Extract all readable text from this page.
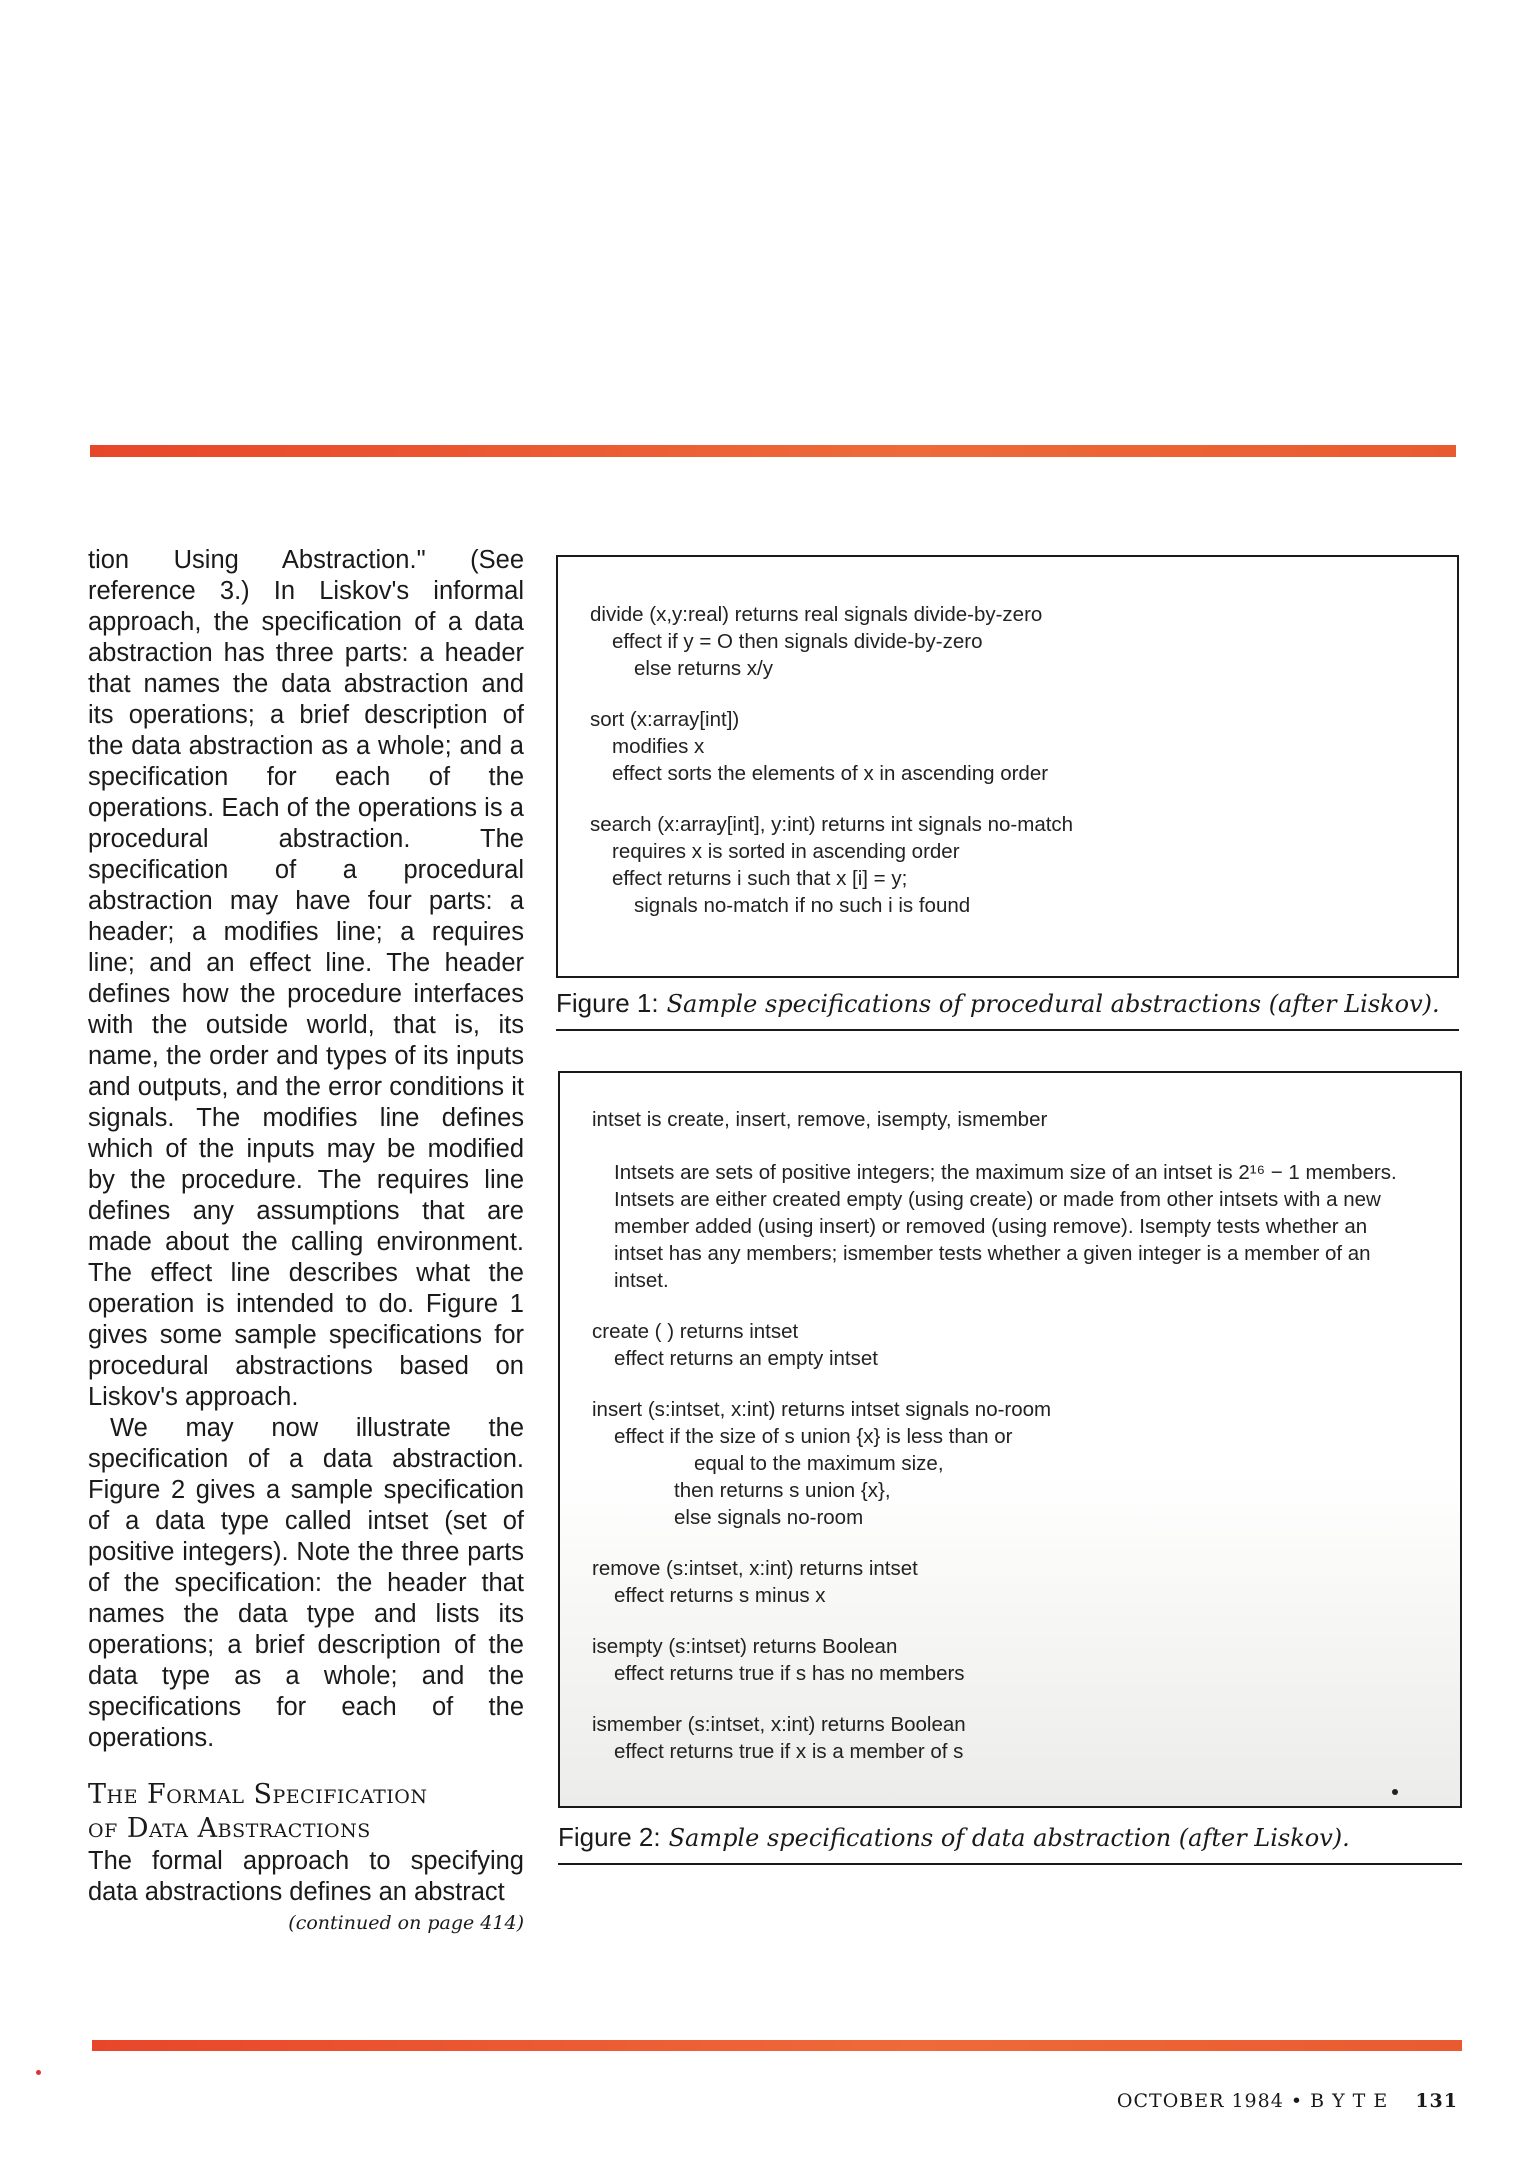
tion Using Abstraction." (See reference 3.) In Liskov's informal approach, the specification of a data abstraction has three parts: a header that names the data abstraction and its operations; a brief description of the data abstraction as a whole; and a specification for each of the operations. Each of the operations is a procedural abstraction. The specification of a procedural abstraction may have four parts: a header; a modifies line; a requires line; and an effect line. The header defines how the procedure interfaces with the outside world, that is, its name, the order and types of its inputs and outputs, and the error conditions it signals. The modifies line defines which of the inputs may be modified by the procedure. The requires line defines any assumptions that are made about the calling environment. The effect line describes what the operation is intended to do. Figure 1 gives some sample specifications for procedural abstractions based on Liskov's approach.

We may now illustrate the specification of a data abstraction. Figure 2 gives a sample specification of a data type called intset (set of positive integers). Note the three parts of the specification: the header that names the data type and lists its operations; a brief description of the data type as a whole; and the specifications for each of the operations.

The Formal Specification
of Data Abstractions

The formal approach to specifying data abstractions defines an abstract

(continued on page 414)
divide (x,y:real) returns real signals divide-by-zero
effect if y = O then signals divide-by-zero
else returns x/y
sort (x:array[int])
modifies x
effect sorts the elements of x in ascending order
search (x:array[int], y:int) returns int signals no-match
requires x is sorted in ascending order
effect returns i such that x [i] = y;
signals no-match if no such i is found
Figure 1: Sample specifications of procedural abstractions (after Liskov).
intset is create, insert, remove, isempty, ismember
Intsets are sets of positive integers; the maximum size of an intset is 2¹⁶ − 1 members. Intsets are either created empty (using create) or made from other intsets with a new member added (using insert) or removed (using remove). Isempty tests whether an intset has any members; ismember tests whether a given integer is a member of an intset.
create ( ) returns intset
effect returns an empty intset
insert (s:intset, x:int) returns intset signals no-room
effect if the size of s union {x} is less than or
equal to the maximum size,
then returns s union {x},
else signals no-room
remove (s:intset, x:int) returns intset
effect returns s minus x
isempty (s:intset) returns Boolean
effect returns true if s has no members
ismember (s:intset, x:int) returns Boolean
effect returns true if x is a member of s
Figure 2: Sample specifications of data abstraction (after Liskov).
OCTOBER 1984 • B Y T E 131
